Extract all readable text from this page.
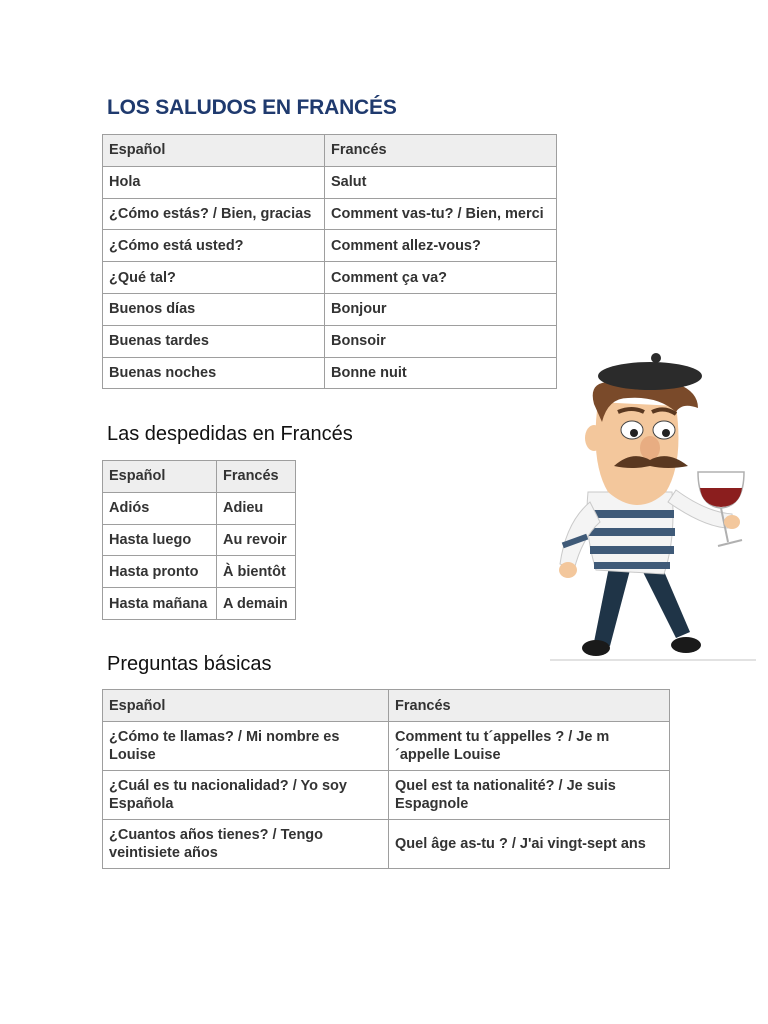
LOS SALUDOS EN FRANCÉS
Español	Francés
Hola	Salut
¿Cómo estás? / Bien, gracias	Comment vas-tu? / Bien, merci
¿Cómo está usted?	Comment allez-vous?
¿Qué tal?	Comment ça va?
Buenos días	Bonjour
Buenas tardes	Bonsoir
Buenas noches	Bonne nuit
Las despedidas en Francés
Español	Francés
Adiós	Adieu
Hasta luego	Au revoir
Hasta pronto	À bientôt
Hasta mañana	A demain
Preguntas básicas
Español	Francés
¿Cómo te llamas? / Mi nombre es Louise	Comment tu t´appelles ? / Je m´appelle Louise
¿Cuál es tu nacionalidad? / Yo soy Española	Quel est ta nationalité? / Je suis Espagnole
¿Cuantos años tienes? / Tengo veintisiete años	Quel âge as-tu ? / J'ai vingt-sept ans
